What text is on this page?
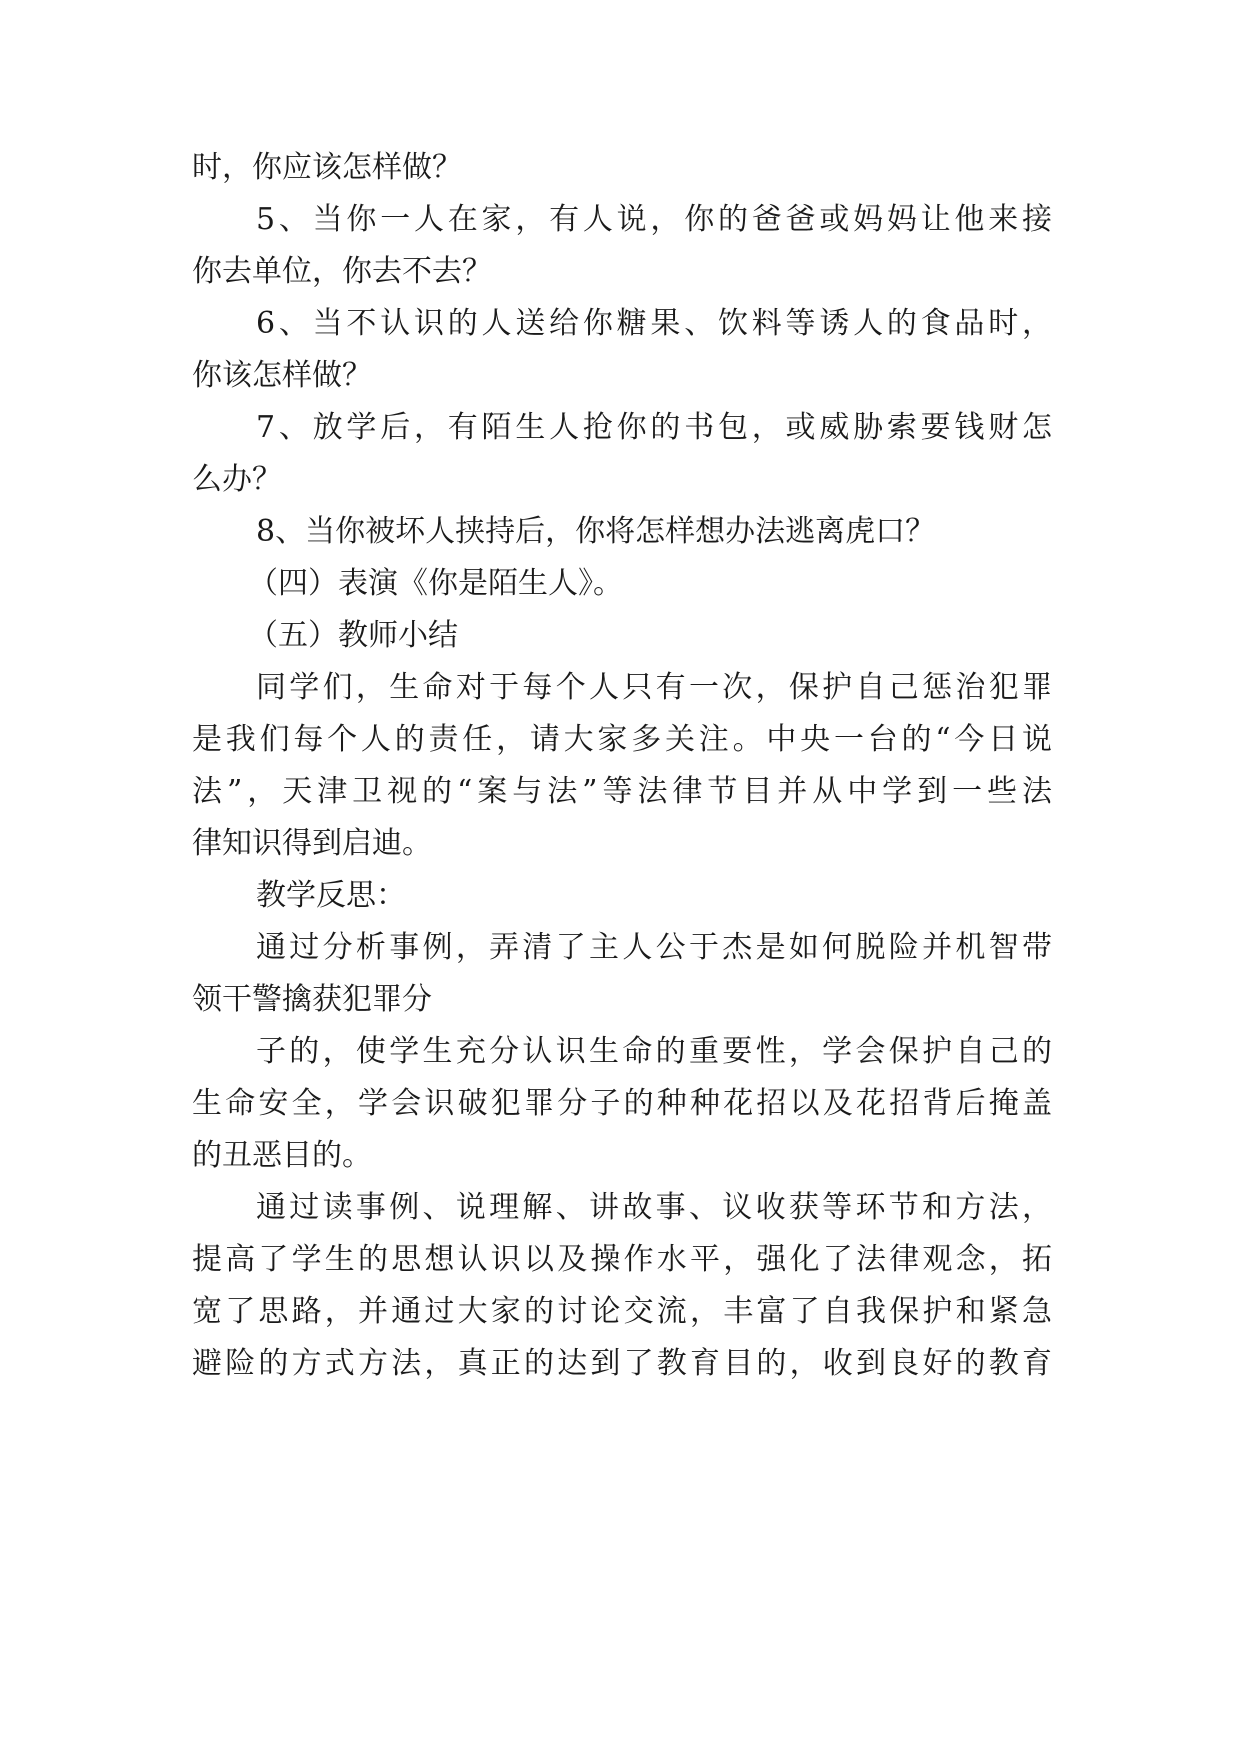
时，你应该怎样做？
5、当你一人在家，有人说，你的爸爸或妈妈让他来接
你去单位，你去不去？
6、当不认识的人送给你糖果、饮料等诱人的食品时，
你该怎样做？
7、放学后，有陌生人抢你的书包，或威胁索要钱财怎
么办？
8、当你被坏人挟持后，你将怎样想办法逃离虎口？
（四）表演《你是陌生人》。
（五）教师小结
同学们，生命对于每个人只有一次，保护自己惩治犯罪
是我们每个人的责任，请大家多关注。中央一台的“今日说
法”，天津卫视的“案与法”等法律节目并从中学到一些法
律知识得到启迪。
教学反思：
通过分析事例，弄清了主人公于杰是如何脱险并机智带
领干警擒获犯罪分
子的，使学生充分认识生命的重要性，学会保护自己的
生命安全，学会识破犯罪分子的种种花招以及花招背后掩盖
的丑恶目的。
通过读事例、说理解、讲故事、议收获等环节和方法，
提高了学生的思想认识以及操作水平，强化了法律观念，拓
宽了思路，并通过大家的讨论交流，丰富了自我保护和紧急
避险的方式方法，真正的达到了教育目的，收到良好的教育
